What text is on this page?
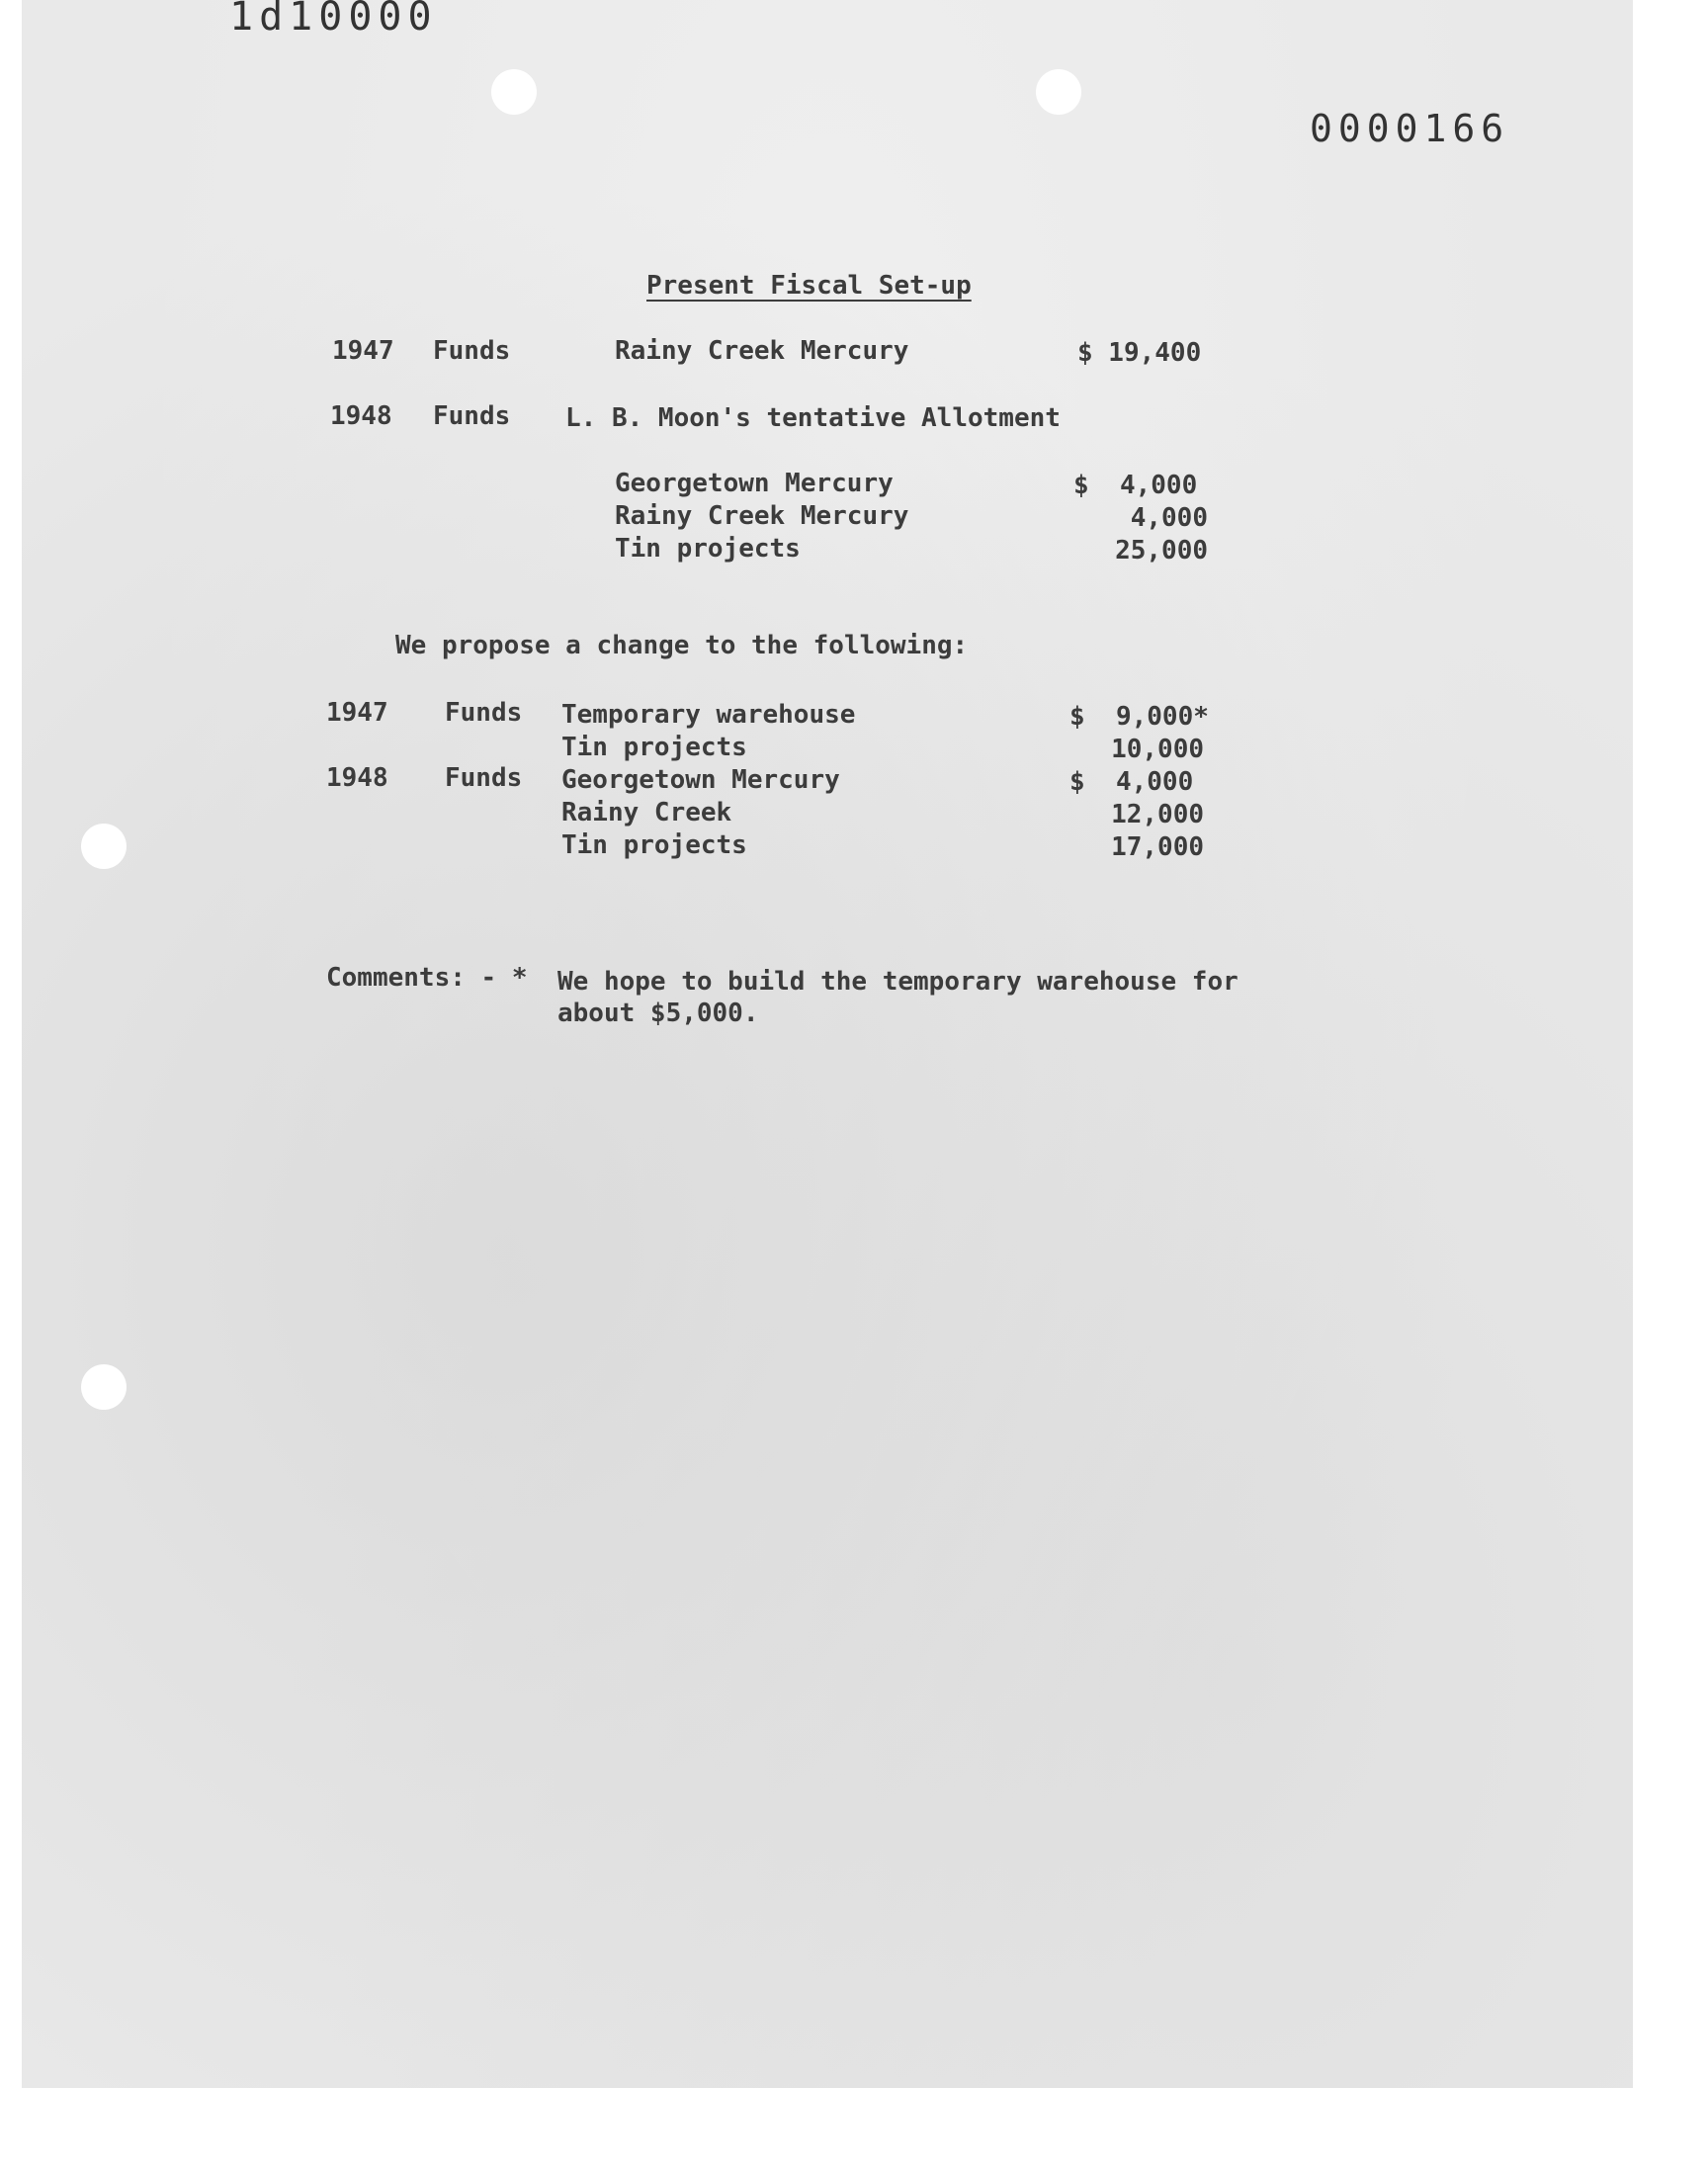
1d10000
0000166
Present Fiscal Set-up
1947 Funds	Rainy Creek Mercury	$ 19,400
1948 Funds L. B. Moon's tentative Allotment
Georgetown Mercury	$  4,000
Rainy Creek Mercury	4,000
Tin projects	25,000
We propose a change to the following:
1947 Funds Temporary warehouse	$  9,000*
Tin projects	10,000
1948 Funds Georgetown Mercury	$  4,000
Rainy Creek	12,000
Tin projects	17,000
Comments: - * We hope to build the temporary warehouse for
about $5,000.
